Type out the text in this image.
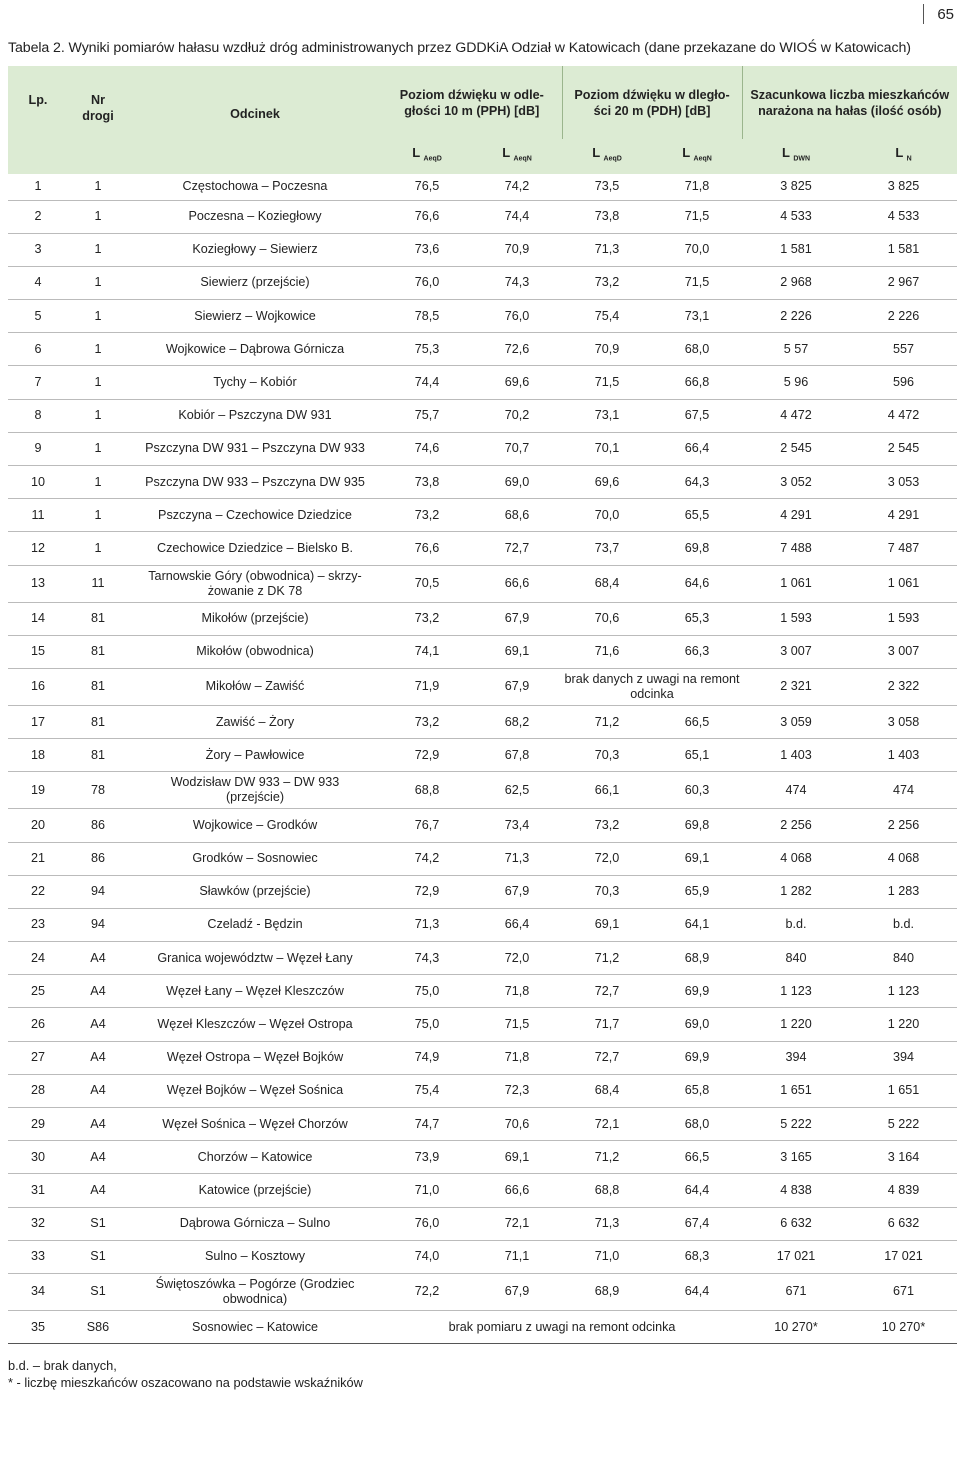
65
Tabela 2. Wyniki pomiarów hałasu wzdłuż dróg administrowanych przez GDDKiA Odział w Katowicach (dane przekazane do WIOŚ w Katowicach)
Lp.	Nr
drogi	Odcinek	Poziom dźwięku w odle-
głości 10 m (PPH) [dB]		Poziom dźwięku w dległo-
ści 20 m (PDH) [dB]		Szacunkowa liczba mieszkańców
narażona na hałas (ilość osób)	
			L $_{AeqD}$	L $_{AeqN}$	L $_{AeqD}$	L $_{AeqN}$	L $_{DWN}$	L $_N$
1	1	Częstochowa – Poczesna	76,5	74,2	73,5	71,8	3 825	3 825
2	1	Poczesna – Koziegłowy	76,6	74,4	73,8	71,5	4 533	4 533
3	1	Koziegłowy – Siewierz	73,6	70,9	71,3	70,0	1 581	1 581
4	1	Siewierz (przejście)	76,0	74,3	73,2	71,5	2 968	2 967
5	1	Siewierz – Wojkowice	78,5	76,0	75,4	73,1	2 226	2 226
6	1	Wojkowice – Dąbrowa Górnicza	75,3	72,6	70,9	68,0	5 57	557
7	1	Tychy – Kobiór	74,4	69,6	71,5	66,8	5 96	596
8	1	Kobiór – Pszczyna DW 931	75,7	70,2	73,1	67,5	4 472	4 472
9	1	Pszczyna DW 931 – Pszczyna DW 933	74,6	70,7	70,1	66,4	2 545	2 545
10	1	Pszczyna DW 933 – Pszczyna DW 935	73,8	69,0	69,6	64,3	3 052	3 053
11	1	Pszczyna – Czechowice Dziedzice	73,2	68,6	70,0	65,5	4 291	4 291
12	1	Czechowice Dziedzice – Bielsko B.	76,6	72,7	73,7	69,8	7 488	7 487
13	11	Tarnowskie Góry (obwodnica) – skrzy-
żowanie z DK 78	70,5	66,6	68,4	64,6	1 061	1 061
14	81	Mikołów (przejście)	73,2	67,9	70,6	65,3	1 593	1 593
15	81	Mikołów (obwodnica)	74,1	69,1	71,6	66,3	3 007	3 007
16	81	Mikołów – Zawiść	71,9	67,9	brak danych z uwagi na remont
odcinka		2 321	2 322
17	81	Zawiść – Żory	73,2	68,2	71,2	66,5	3 059	3 058
18	81	Żory – Pawłowice	72,9	67,8	70,3	65,1	1 403	1 403
19	78	Wodzisław DW 933 – DW 933
(przejście)	68,8	62,5	66,1	60,3	474	474
20	86	Wojkowice – Grodków	76,7	73,4	73,2	69,8	2 256	2 256
21	86	Grodków – Sosnowiec	74,2	71,3	72,0	69,1	4 068	4 068
22	94	Sławków (przejście)	72,9	67,9	70,3	65,9	1 282	1 283
23	94	Czeladź - Będzin	71,3	66,4	69,1	64,1	b.d.	b.d.
24	A4	Granica województw – Węzeł Łany	74,3	72,0	71,2	68,9	840	840
25	A4	Węzeł Łany – Węzeł Kleszczów	75,0	71,8	72,7	69,9	1 123	1 123
26	A4	Węzeł Kleszczów – Węzeł Ostropa	75,0	71,5	71,7	69,0	1 220	1 220
27	A4	Węzeł Ostropa – Węzeł Bojków	74,9	71,8	72,7	69,9	394	394
28	A4	Węzeł Bojków – Węzeł Sośnica	75,4	72,3	68,4	65,8	1 651	1 651
29	A4	Węzeł Sośnica – Węzeł Chorzów	74,7	70,6	72,1	68,0	5 222	5 222
30	A4	Chorzów – Katowice	73,9	69,1	71,2	66,5	3 165	3 164
31	A4	Katowice (przejście)	71,0	66,6	68,8	64,4	4 838	4 839
32	S1	Dąbrowa Górnicza – Sulno	76,0	72,1	71,3	67,4	6 632	6 632
33	S1	Sulno – Kosztowy	74,0	71,1	71,0	68,3	17 021	17 021
34	S1	Świętoszówka – Pogórze (Grodziec
obwodnica)	72,2	67,9	68,9	64,4	671	671
35	S86	Sosnowiec – Katowice	brak pomiaru z uwagi na remont odcinka				10 270*	10 270*
b.d. – brak danych,
* - liczbę mieszkańców oszacowano na podstawie wskaźników
